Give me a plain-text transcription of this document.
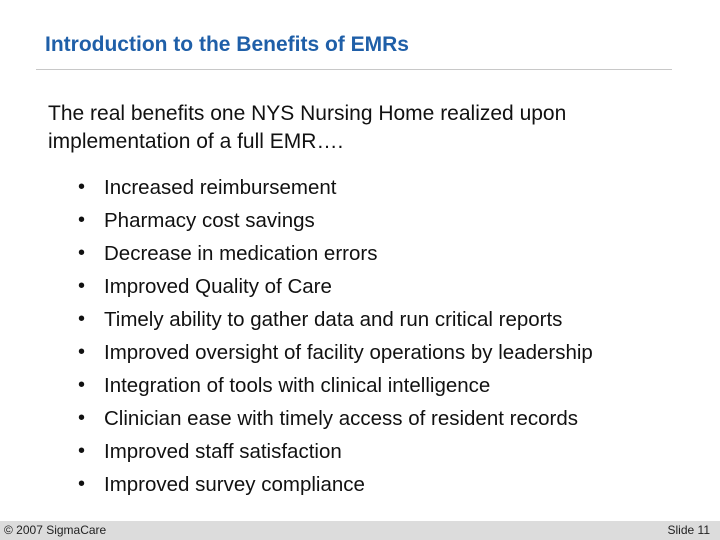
Introduction to the Benefits of EMRs
The real benefits one NYS Nursing Home realized upon implementation of a full EMR….
• Increased reimbursement
• Pharmacy cost savings
• Decrease in medication errors
• Improved Quality of Care
• Timely ability to gather data and run critical reports
• Improved oversight of facility operations by leadership
• Integration of tools with clinical intelligence
• Clinician ease with timely access of resident records
• Improved staff satisfaction
• Improved survey compliance
© 2007 SigmaCare	Slide 11
